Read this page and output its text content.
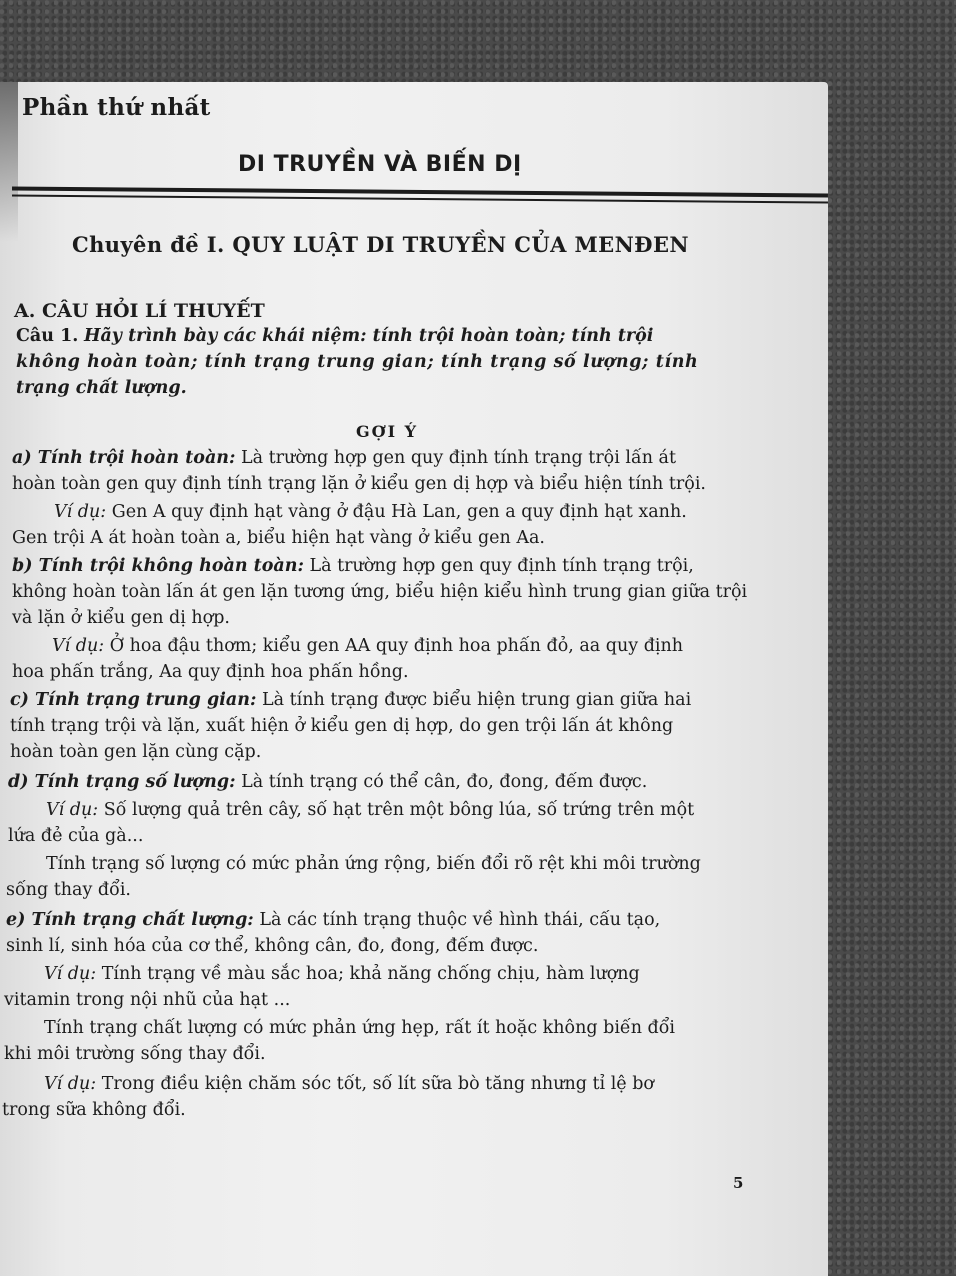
Phần thứ nhất
DI TRUYỀN VÀ BIẾN DỊ
Chuyên đề I. QUY LUẬT DI TRUYỀN CỦA MENĐEN
A. CÂU HỎI LÍ THUYẾT
Câu 1. Hãy trình bày các khái niệm: tính trội hoàn toàn; tính trội
không hoàn toàn; tính trạng trung gian; tính trạng số lượng; tính
trạng chất lượng.
GỢI Ý
a) Tính trội hoàn toàn: Là trường hợp gen quy định tính trạng trội lấn át
hoàn toàn gen quy định tính trạng lặn ở kiểu gen dị hợp và biểu hiện tính trội.
Ví dụ: Gen A quy định hạt vàng ở đậu Hà Lan, gen a quy định hạt xanh.
Gen trội A át hoàn toàn a, biểu hiện hạt vàng ở kiểu gen Aa.
b) Tính trội không hoàn toàn: Là trường hợp gen quy định tính trạng trội,
không hoàn toàn lấn át gen lặn tương ứng, biểu hiện kiểu hình trung gian giữa trội
và lặn ở kiểu gen dị hợp.
Ví dụ: Ở hoa đậu thơm; kiểu gen AA quy định hoa phấn đỏ, aa quy định
hoa phấn trắng, Aa quy định hoa phấn hồng.
c) Tính trạng trung gian: Là tính trạng được biểu hiện trung gian giữa hai
tính trạng trội và lặn, xuất hiện ở kiểu gen dị hợp, do gen trội lấn át không
hoàn toàn gen lặn cùng cặp.
d) Tính trạng số lượng: Là tính trạng có thể cân, đo, đong, đếm được.
Ví dụ: Số lượng quả trên cây, số hạt trên một bông lúa, số trứng trên một
lứa đẻ của gà...
Tính trạng số lượng có mức phản ứng rộng, biến đổi rõ rệt khi môi trường
sống thay đổi.
e) Tính trạng chất lượng: Là các tính trạng thuộc về hình thái, cấu tạo,
sinh lí, sinh hóa của cơ thể, không cân, đo, đong, đếm được.
Ví dụ: Tính trạng về màu sắc hoa; khả năng chống chịu, hàm lượng
vitamin trong nội nhũ của hạt ...
Tính trạng chất lượng có mức phản ứng hẹp, rất ít hoặc không biến đổi
khi môi trường sống thay đổi.
Ví dụ: Trong điều kiện chăm sóc tốt, số lít sữa bò tăng nhưng tỉ lệ bơ
trong sữa không đổi.
5
